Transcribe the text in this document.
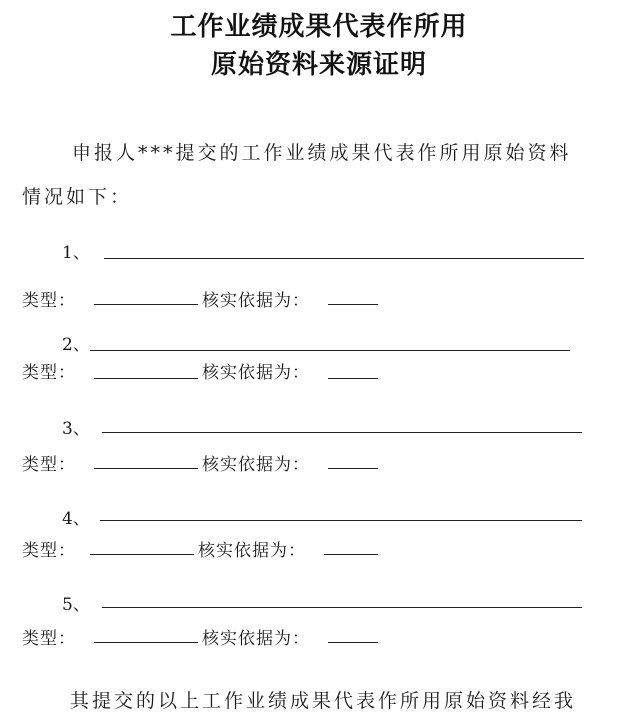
工作业绩成果代表作所用
原始资料来源证明
申报人***提交的工作业绩成果代表作所用原始资料
情况如下：
1、
类型：	核实依据为：
2、
类型：	核实依据为：
3、
类型：	核实依据为：
4、
类型：	核实依据为：
5、
类型：	核实依据为：
其提交的以上工作业绩成果代表作所用原始资料经我
